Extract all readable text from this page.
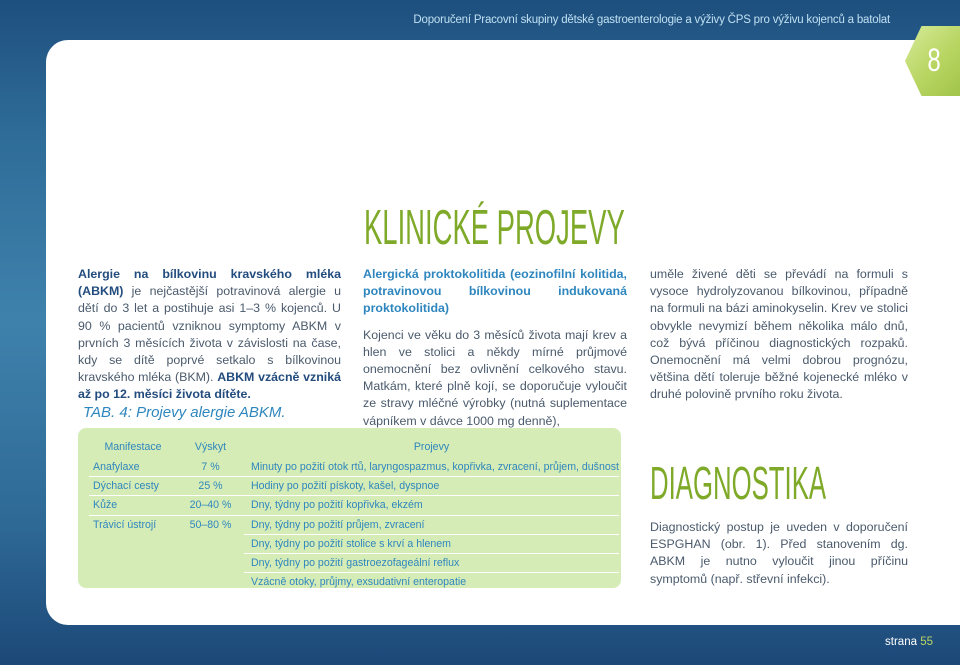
Doporučení Pracovní skupiny dětské gastroenterologie a výživy ČPS pro výživu kojenců a batolat
8
KLINICKÉ PROJEVY

Alergie na bílkovinu kravského mléka (ABKM) je nejčastější potravinová alergie u dětí do 3 let a postihuje asi 1–3 % kojenců. U 90 % pacientů vzniknou symptomy ABKM v prvních 3 měsících života v závislosti na čase, kdy se dítě poprvé setkalo s bílkovinou kravského mléka (BKM). ABKM vzácně vzniká až po 12. měsíci života dítěte.

Alergická proktokolitida (eozinofilní kolitida, potravinovou bílkovinou indukovaná proktokolitida)

Kojenci ve věku do 3 měsíců života mají krev a hlen ve stolici a někdy mírné průjmové onemocnění bez ovlivnění celkového stavu. Matkám, které plně kojí, se doporučuje vyloučit ze stravy mléčné výrobky (nutná suplementace vápníkem v dávce 1000 mg denně),

uměle živené děti se převádí na formuli s vysoce hydrolyzovanou bílkovinou, případně na formuli na bázi aminokyselin. Krev ve stolici obvykle nevymizí během několika málo dnů, což bývá příčinou diagnostických rozpaků. Onemocnění má velmi dobrou prognózu, většina dětí toleruje běžné kojenecké mléko v druhé polovině prvního roku života.

TAB. 4: Projevy alergie ABKM.

Manifestace	Výskyt	Projevy
Anafylaxe	7 %	Minuty po požití otok rtů, laryngospazmus, kopřivka, zvracení, průjem, dušnost
Dýchací cesty	25 %	Hodiny po požití pískoty, kašel, dyspnoe
Kůže	20–40 %	Dny, týdny po požití kopřivka, ekzém
Trávicí ústrojí	50–80 %	Dny, týdny po požití průjem, zvracení
		Dny, týdny po požití stolice s krví a hlenem
		Dny, týdny po požití gastroezofageální reflux
		Vzácně otoky, průjmy, exsudativní enteropatie
DIAGNOSTIKA

Diagnostický postup je uveden v doporučení ESPGHAN (obr. 1). Před stanovením dg. ABKM je nutno vyloučit jinou příčinu symptomů (např. střevní infekci).

strana 55
